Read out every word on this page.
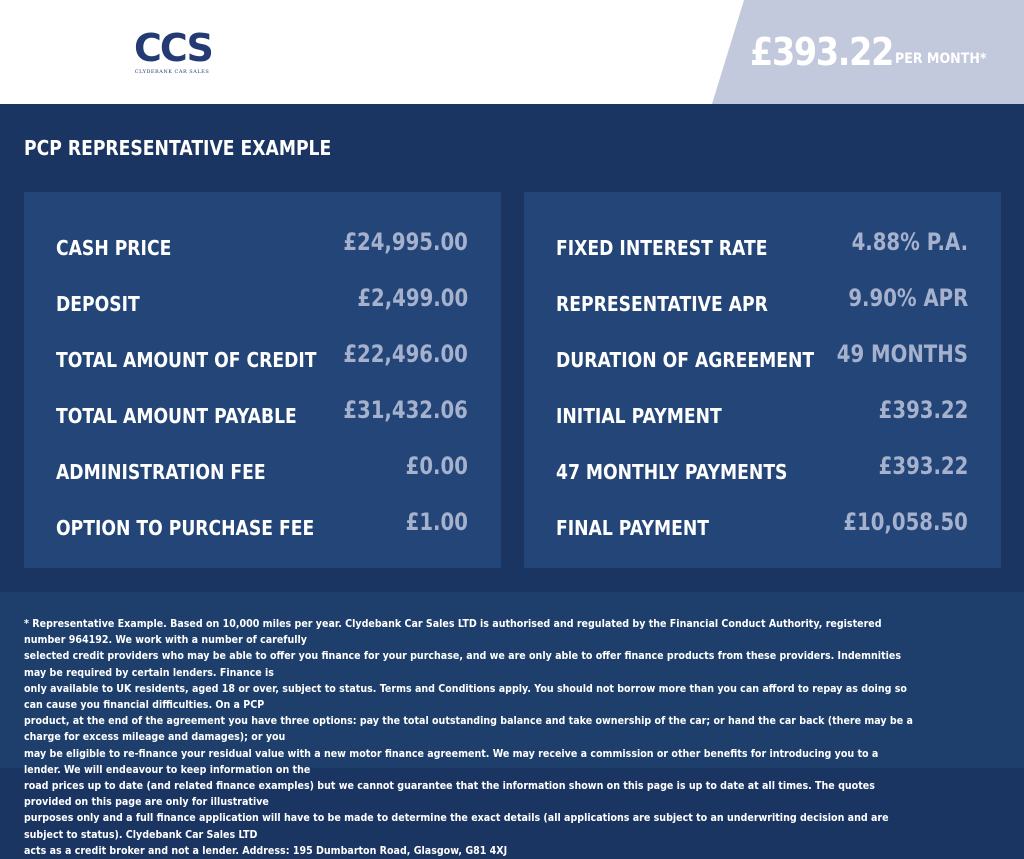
CCS
CLYDEBANK CAR SALES	£393.22 PER MONTH*
PCP REPRESENTATIVE EXAMPLE
CASH PRICE	£24,995.00
DEPOSIT	£2,499.00
TOTAL AMOUNT OF CREDIT £22,496.00
TOTAL AMOUNT PAYABLE £31,432.06
ADMINISTRATION FEE	£0.00
OPTION TO PURCHASE FEE	£1.00
FIXED INTEREST RATE	4.88% P.A.
REPRESENTATIVE APR	9.90% APR
DURATION OF AGREEMENT 49 MONTHS
INITIAL PAYMENT	£393.22
47 MONTHLY PAYMENTS	£393.22
FINAL PAYMENT	£10,058.50
* Representative Example. Based on 10,000 miles per year. Clydebank Car Sales LTD is authorised and regulated by the Financial Conduct Authority, registered number 964192. We work with a number of carefully
selected credit providers who may be able to offer you finance for your purchase, and we are only able to offer finance products from these providers. Indemnities may be required by certain lenders. Finance is
only available to UK residents, aged 18 or over, subject to status. Terms and Conditions apply. You should not borrow more than you can afford to repay as doing so can cause you financial difficulties. On a PCP
product, at the end of the agreement you have three options: pay the total outstanding balance and take ownership of the car; or hand the car back (there may be a charge for excess mileage and damages); or you
may be eligible to re-finance your residual value with a new motor finance agreement. We may receive a commission or other benefits for introducing you to a lender. We will endeavour to keep information on the
road prices up to date (and related finance examples) but we cannot guarantee that the information shown on this page is up to date at all times. The quotes provided on this page are only for illustrative
purposes only and a full finance application will have to be made to determine the exact details (all applications are subject to an underwriting decision and are subject to status). Clydebank Car Sales LTD
acts as a credit broker and not a lender. Address: 195 Dumbarton Road, Glasgow, G81 4XJ
